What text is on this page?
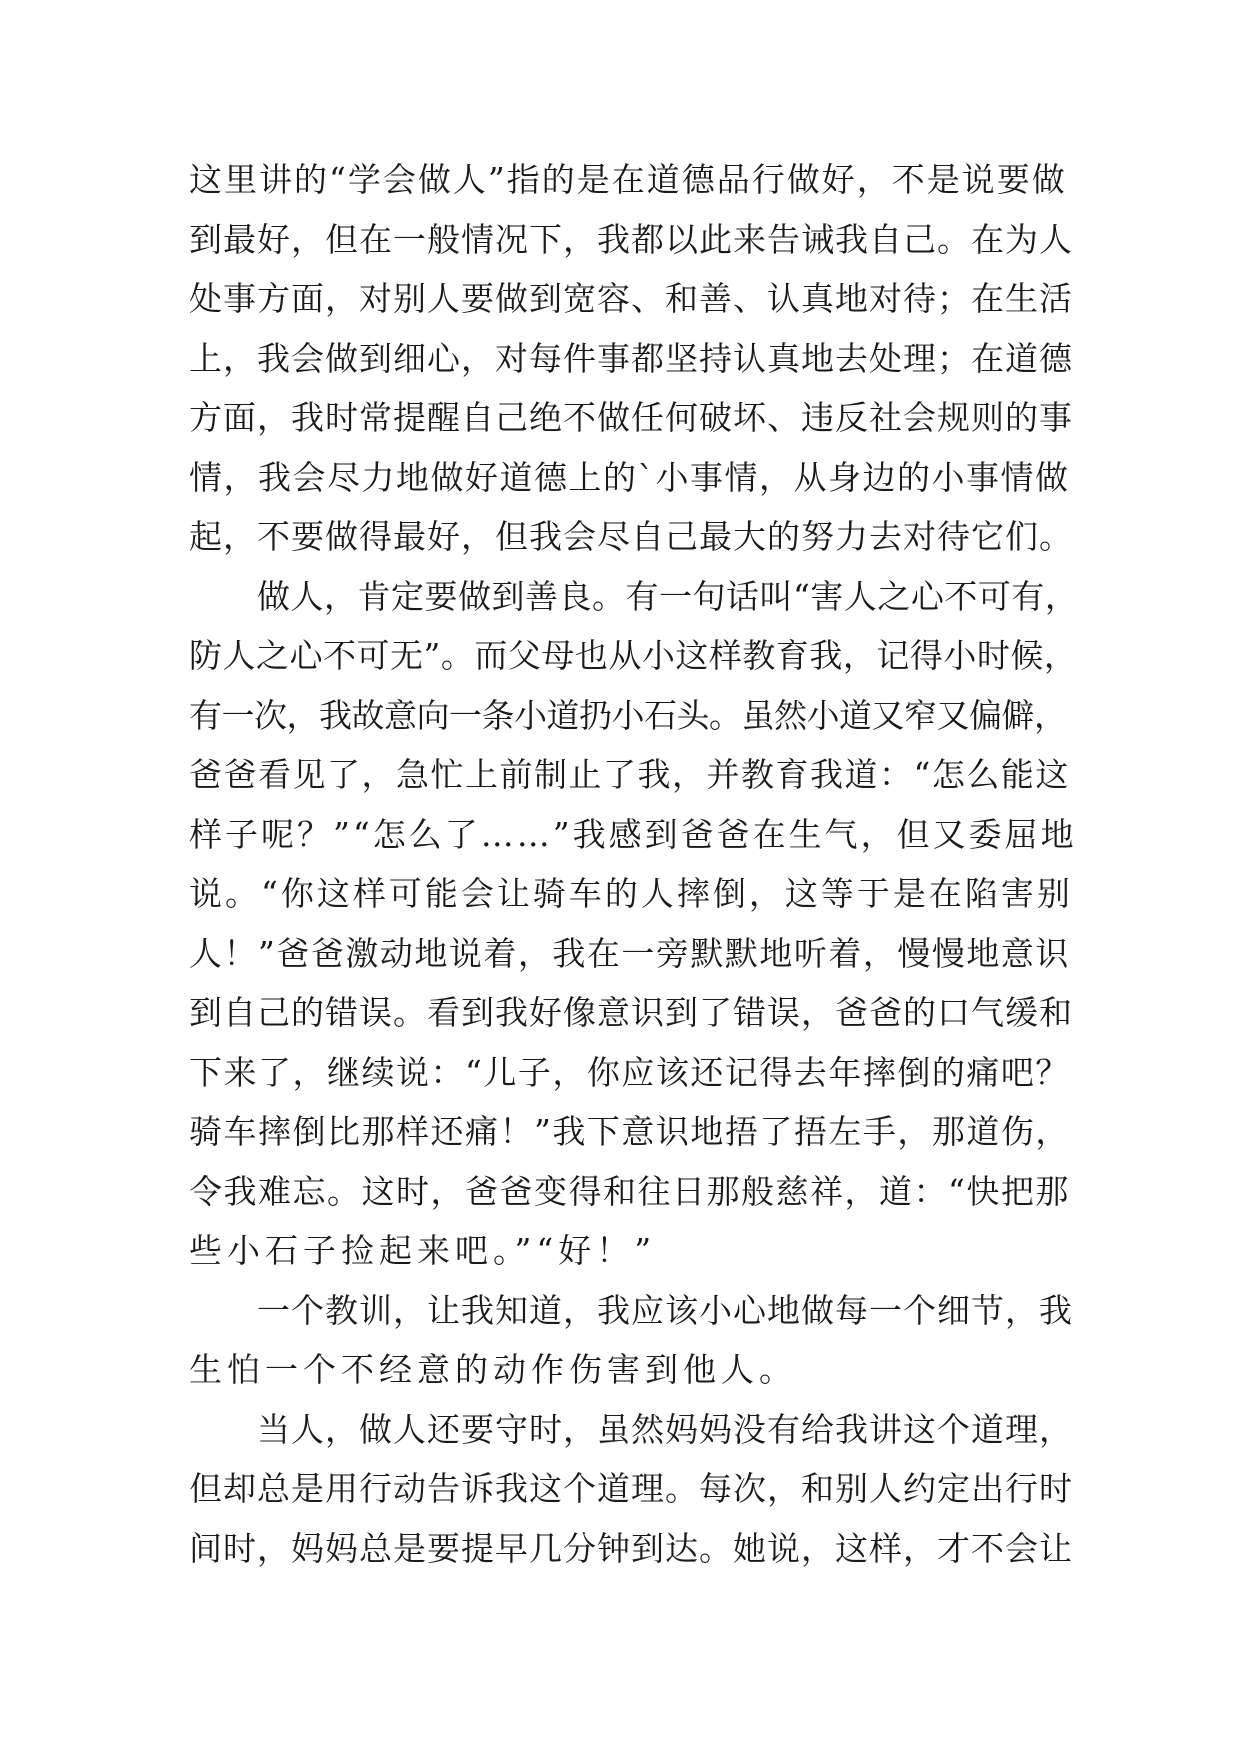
这里讲的“学会做人”指的是在道德品行做好，不是说要做
到最好，但在一般情况下，我都以此来告诫我自己。在为人
处事方面，对别人要做到宽容、和善、认真地对待；在生活
上，我会做到细心，对每件事都坚持认真地去处理；在道德
方面，我时常提醒自己绝不做任何破坏、违反社会规则的事
情，我会尽力地做好道德上的`小事情，从身边的小事情做
起，不要做得最好，但我会尽自己最大的努力去对待它们。
做人，肯定要做到善良。有一句话叫“害人之心不可有，
防人之心不可无”。而父母也从小这样教育我，记得小时候，
有一次，我故意向一条小道扔小石头。虽然小道又窄又偏僻，
爸爸看见了，急忙上前制止了我，并教育我道：“怎么能这
样子呢？”“怎么了……”我感到爸爸在生气，但又委屈地
说。“你这样可能会让骑车的人摔倒，这等于是在陷害别
人！”爸爸激动地说着，我在一旁默默地听着，慢慢地意识
到自己的错误。看到我好像意识到了错误，爸爸的口气缓和
下来了，继续说：“儿子，你应该还记得去年摔倒的痛吧？
骑车摔倒比那样还痛！”我下意识地捂了捂左手，那道伤，
令我难忘。这时，爸爸变得和往日那般慈祥，道：“快把那
些小石子捡起来吧。”“好！”
一个教训，让我知道，我应该小心地做每一个细节，我
生怕一个不经意的动作伤害到他人。
当人，做人还要守时，虽然妈妈没有给我讲这个道理，
但却总是用行动告诉我这个道理。每次，和别人约定出行时
间时，妈妈总是要提早几分钟到达。她说，这样，才不会让
